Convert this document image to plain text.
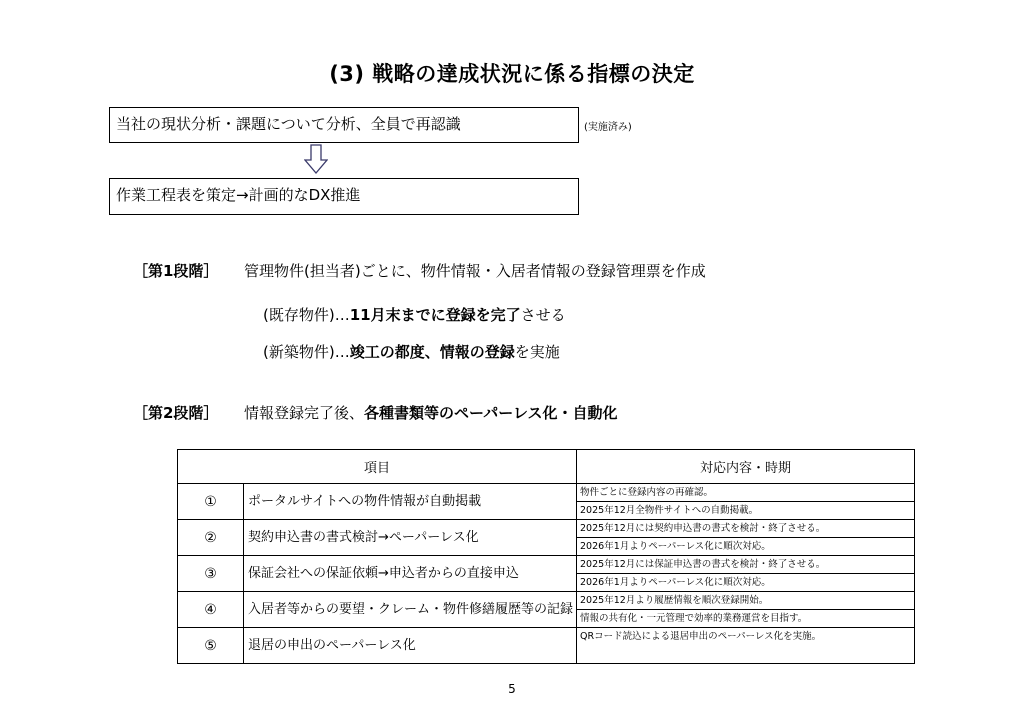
(3) 戦略の達成状況に係る指標の決定
当社の現状分析・課題について分析、全員で再認識	(実施済み)
作業工程表を策定→計画的なDX推進
［第1段階］ 管理物件(担当者)ごとに、物件情報・入居者情報の登録管理票を作成
(既存物件)…11月末までに登録を完了させる
(新築物件)…竣工の都度、情報の登録を実施
［第2段階］ 情報登録完了後、各種書類等のペーパーレス化・自動化
項目		対応内容・時期
①	ポータルサイトへの物件情報が自動掲載	物件ごとに登録内容の再確認。
2025年12月全物件サイトへの自動掲載。

②	契約申込書の書式検討→ペーパーレス化	2025年12月には契約申込書の書式を検討・終了させる。
2026年1月よりペーパーレス化に順次対応。

③	保証会社への保証依頼→申込者からの直接申込	2025年12月には保証申込書の書式を検討・終了させる。
2026年1月よりペーパーレス化に順次対応。

④	入居者等からの要望・クレーム・物件修繕履歴等の記録	2025年12月より履歴情報を順次登録開始。
情報の共有化・一元管理で効率的業務運営を目指す。

⑤	退居の申出のペーパーレス化	QRコード読込による退居申出のペーパーレス化を実施。
5
